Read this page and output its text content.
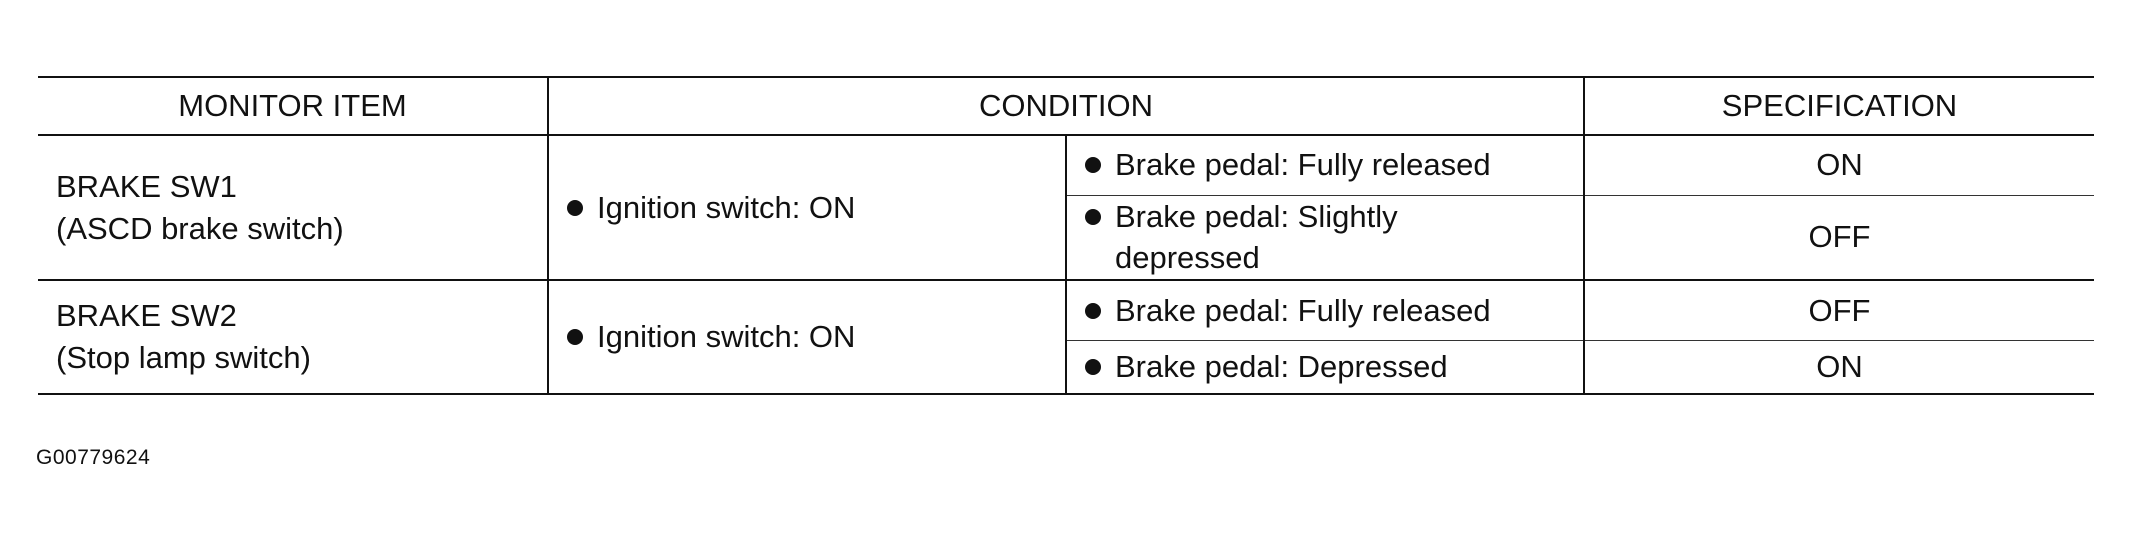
MONITOR ITEM	CONDITION		SPECIFICATION

BRAKE SW1
(ASCD brake switch)	Ignition switch: ON	Brake pedal: Fully released	ON

		Brake pedal: Slightly depressed	OFF

BRAKE SW2
(Stop lamp switch)	Ignition switch: ON	Brake pedal: Fully released	OFF

		Brake pedal: Depressed	ON
G00779624
